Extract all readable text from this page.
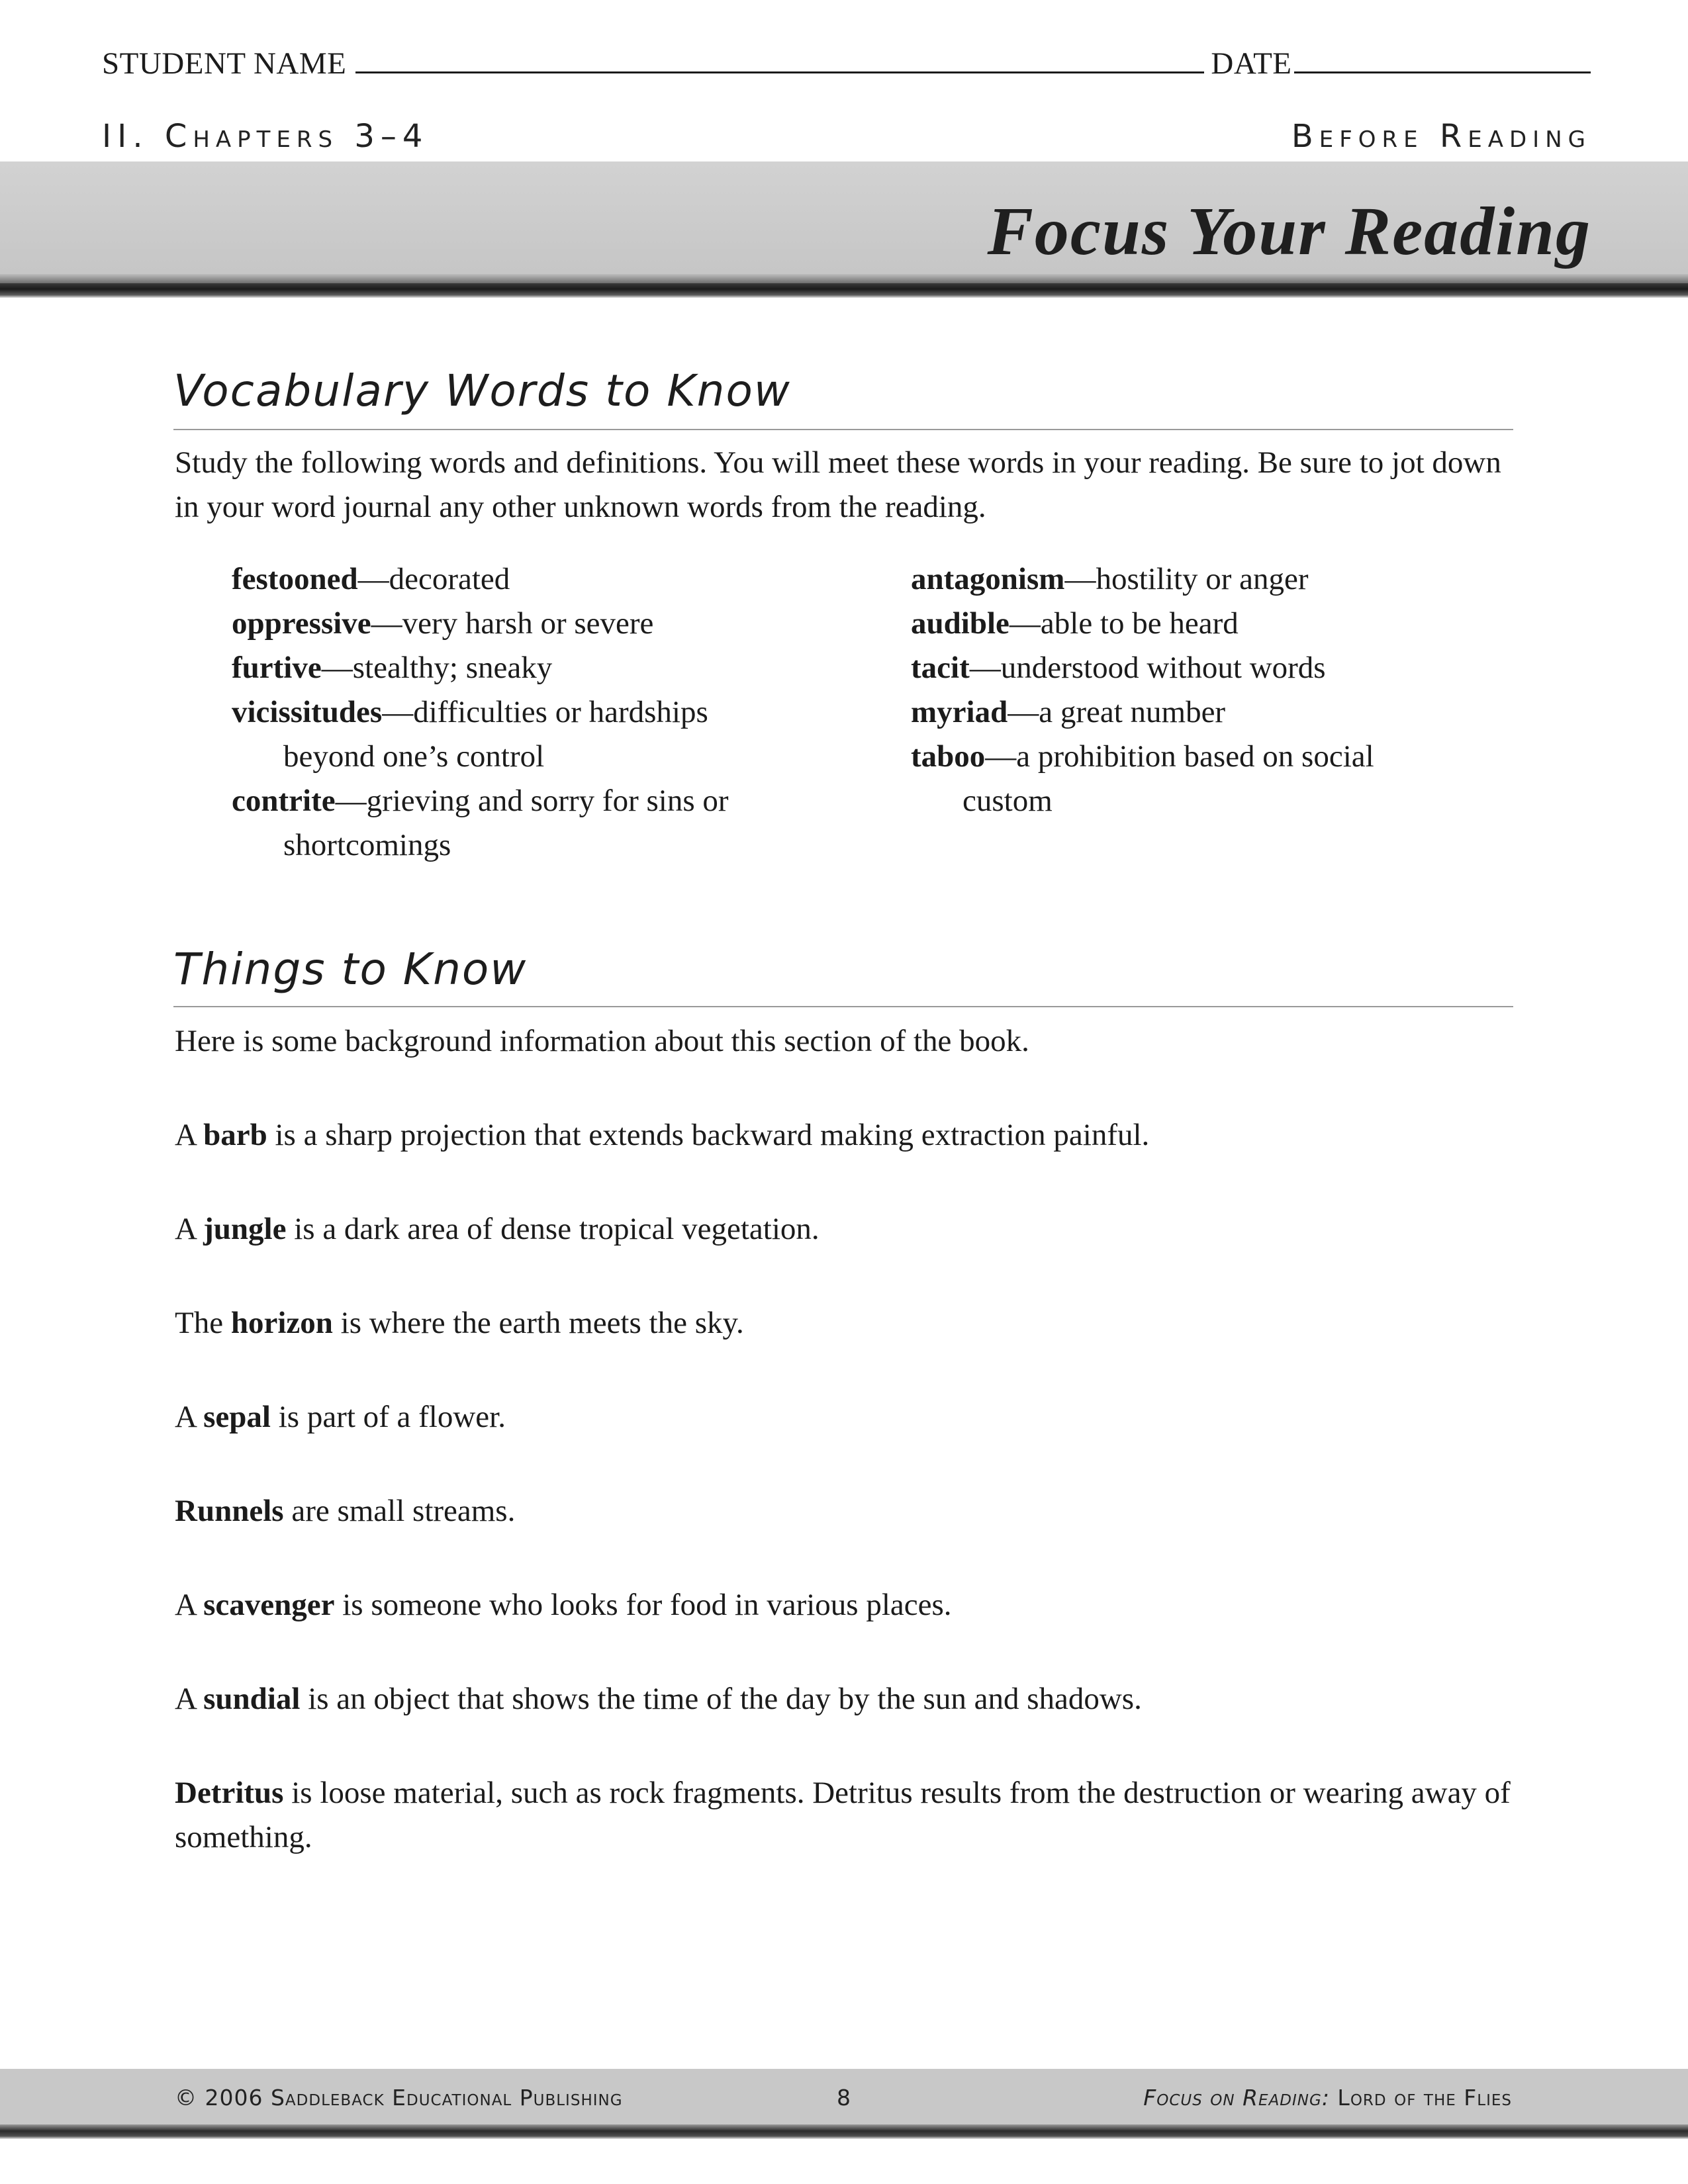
STUDENT NAME	DATE
II. Chapters 3–4	Before Reading
Focus Your Reading
Vocabulary Words to Know
Study the following words and definitions. You will meet these words in your reading. Be sure to jot down in your word journal any other unknown words from the reading.
festooned—decorated
oppressive—very harsh or severe
furtive—stealthy; sneaky
vicissitudes—difficulties or hardships
beyond one’s control
contrite—grieving and sorry for sins or
shortcomings
antagonism—hostility or anger
audible—able to be heard
tacit—understood without words
myriad—a great number
taboo—a prohibition based on social
custom
Things to Know
Here is some background information about this section of the book.

A barb is a sharp projection that extends backward making extraction painful.

A jungle is a dark area of dense tropical vegetation.

The horizon is where the earth meets the sky.

A sepal is part of a flower.

Runnels are small streams.

A scavenger is someone who looks for food in various places.

A sundial is an object that shows the time of the day by the sun and shadows.

Detritus is loose material, such as rock fragments. Detritus results from the destruction or wearing away of something.

© 2006 Saddleback Educational Publishing	8	Focus on Reading: Lord of the Flies
